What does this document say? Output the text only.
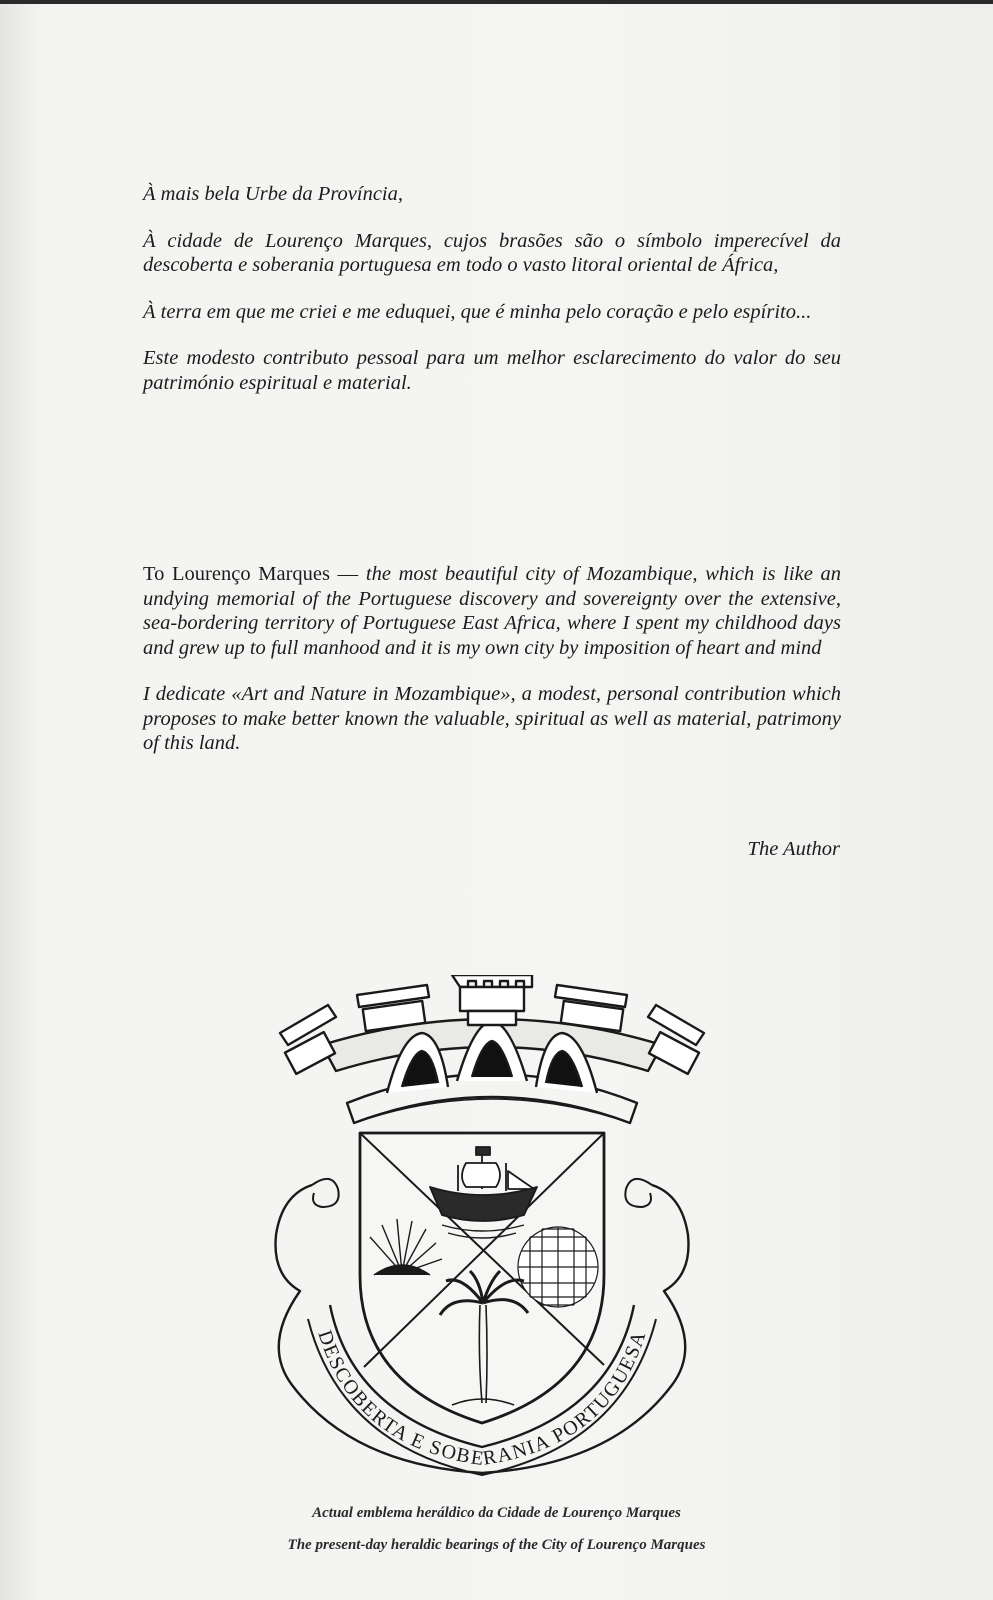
À mais bela Urbe da Província,

À cidade de Lourenço Marques, cujos brasões são o símbolo imperecível da descoberta e soberania portuguesa em todo o vasto litoral oriental de África,

À terra em que me criei e me eduquei, que é minha pelo coração e pelo espírito...

Este modesto contributo pessoal para um melhor esclarecimento do valor do seu património espiritual e material.

To Lourenço Marques — the most beautiful city of Mozambique, which is like an undying memorial of the Portuguese discovery and sovereignty over the extensive, sea-bordering territory of Portuguese East Africa, where I spent my childhood days and grew up to full manhood and it is my own city by imposition of heart and mind

I dedicate «Art and Nature in Mozambique», a modest, personal contribution which proposes to make better known the valuable, spiritual as well as material, patrimony of this land.

The Author
DESCOBERTA E SOBERANIA PORTUGUESA
Actual emblema heráldico da Cidade de Lourenço Marques
The present-day heraldic bearings of the City of Lourenço Marques
